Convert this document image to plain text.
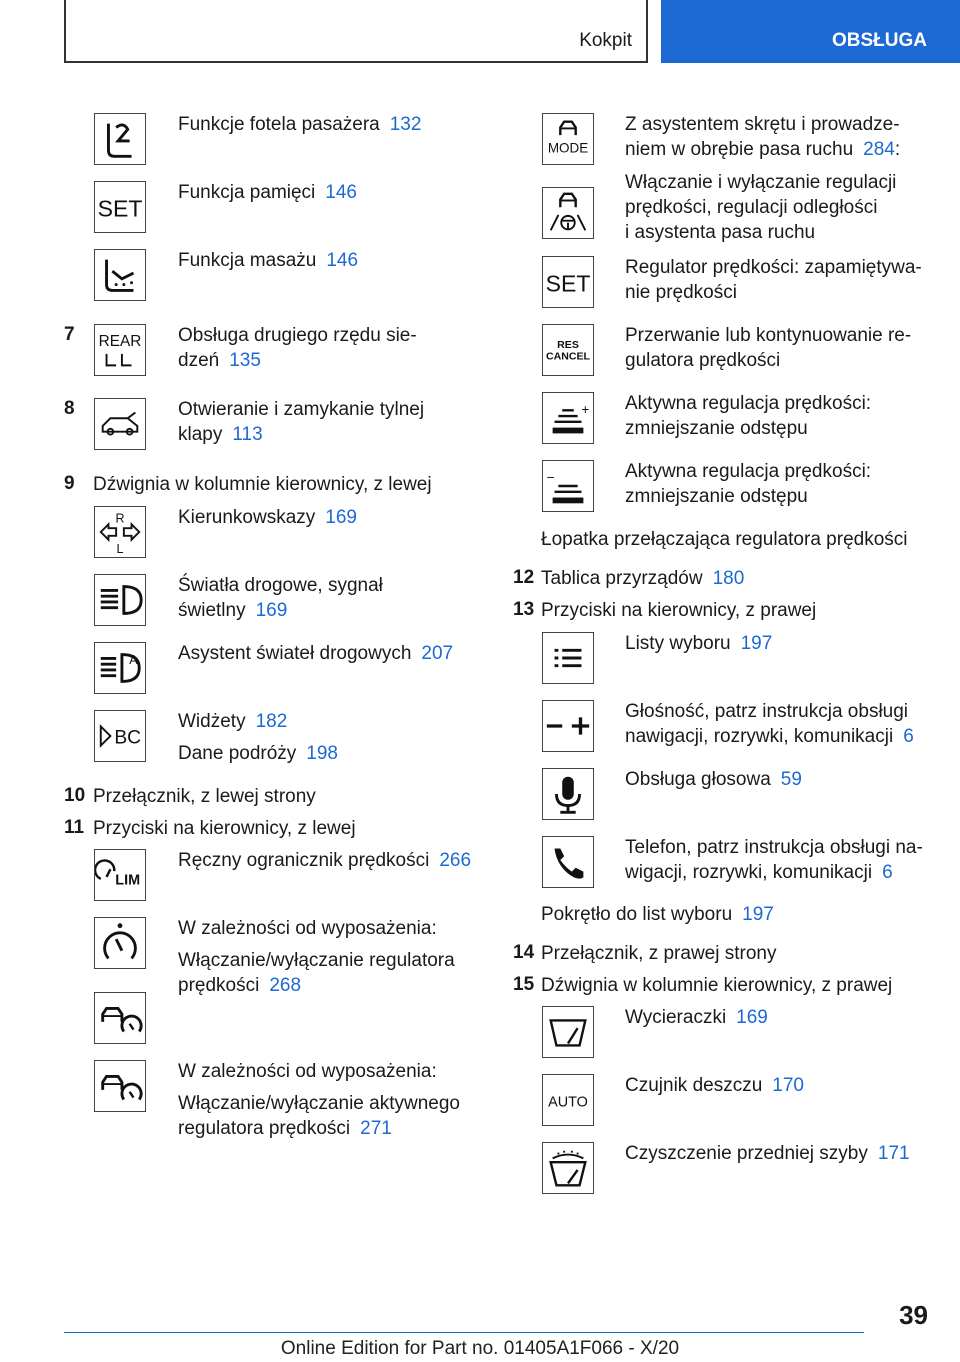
Kokpit	OBSŁUGA
Funkcje fotela pasażera 132
SET
Funkcja pamięci 146
Funkcja masażu 146
7 REAR Obsługa drugiego rzędu sie-
dzeń 135
8	Otwieranie i zamykanie tylnej
klapy 113
9 Dźwignia w kolumnie kierownicy, z lewej
R
L
Kierunkowskazy 169
Światła drogowe, sygnał
świetlny 169
A Asystent świateł drogowych 207
BC
Widżety 182
Dane podróży 198
10 Przełącznik, z lewej strony
11 Przyciski na kierownicy, z lewej
LIM
Ręczny ogranicznik prędkości 266
W zależności od wyposażenia:
Włączanie/wyłączanie regulatora
prędkości 268
W zależności od wyposażenia:
Włączanie/wyłączanie aktywnego
regulatora prędkości 271
MODE
Z asystentem skrętu i prowadze-
niem w obrębie pasa ruchu 284:
Włączanie i wyłączanie regulacji
prędkości, regulacji odległości
i asystenta pasa ruchu
SET
Regulator prędkości: zapamiętywa-
nie prędkości
RES
CANCEL
Przerwanie lub kontynuowanie re-
gulatora prędkości
+ Aktywna regulacja prędkości:
zmniejszanie odstępu
−	Aktywna regulacja prędkości:
zmniejszanie odstępu
Łopatka przełączająca regulatora prędkości
12 Tablica przyrządów 180
13 Przyciski na kierownicy, z prawej
Listy wyboru 197
Głośność, patrz instrukcja obsługi
nawigacji, rozrywki, komunikacji 6
Obsługa głosowa 59
Telefon, patrz instrukcja obsługi na-
wigacji, rozrywki, komunikacji 6
Pokrętło do list wyboru 197
14 Przełącznik, z prawej strony
15 Dźwignia w kolumnie kierownicy, z prawej
Wycieraczki 169
AUTO
Czujnik deszczu 170
Czyszczenie przedniej szyby 171
39
Online Edition for Part no. 01405A1F066 - X/20
